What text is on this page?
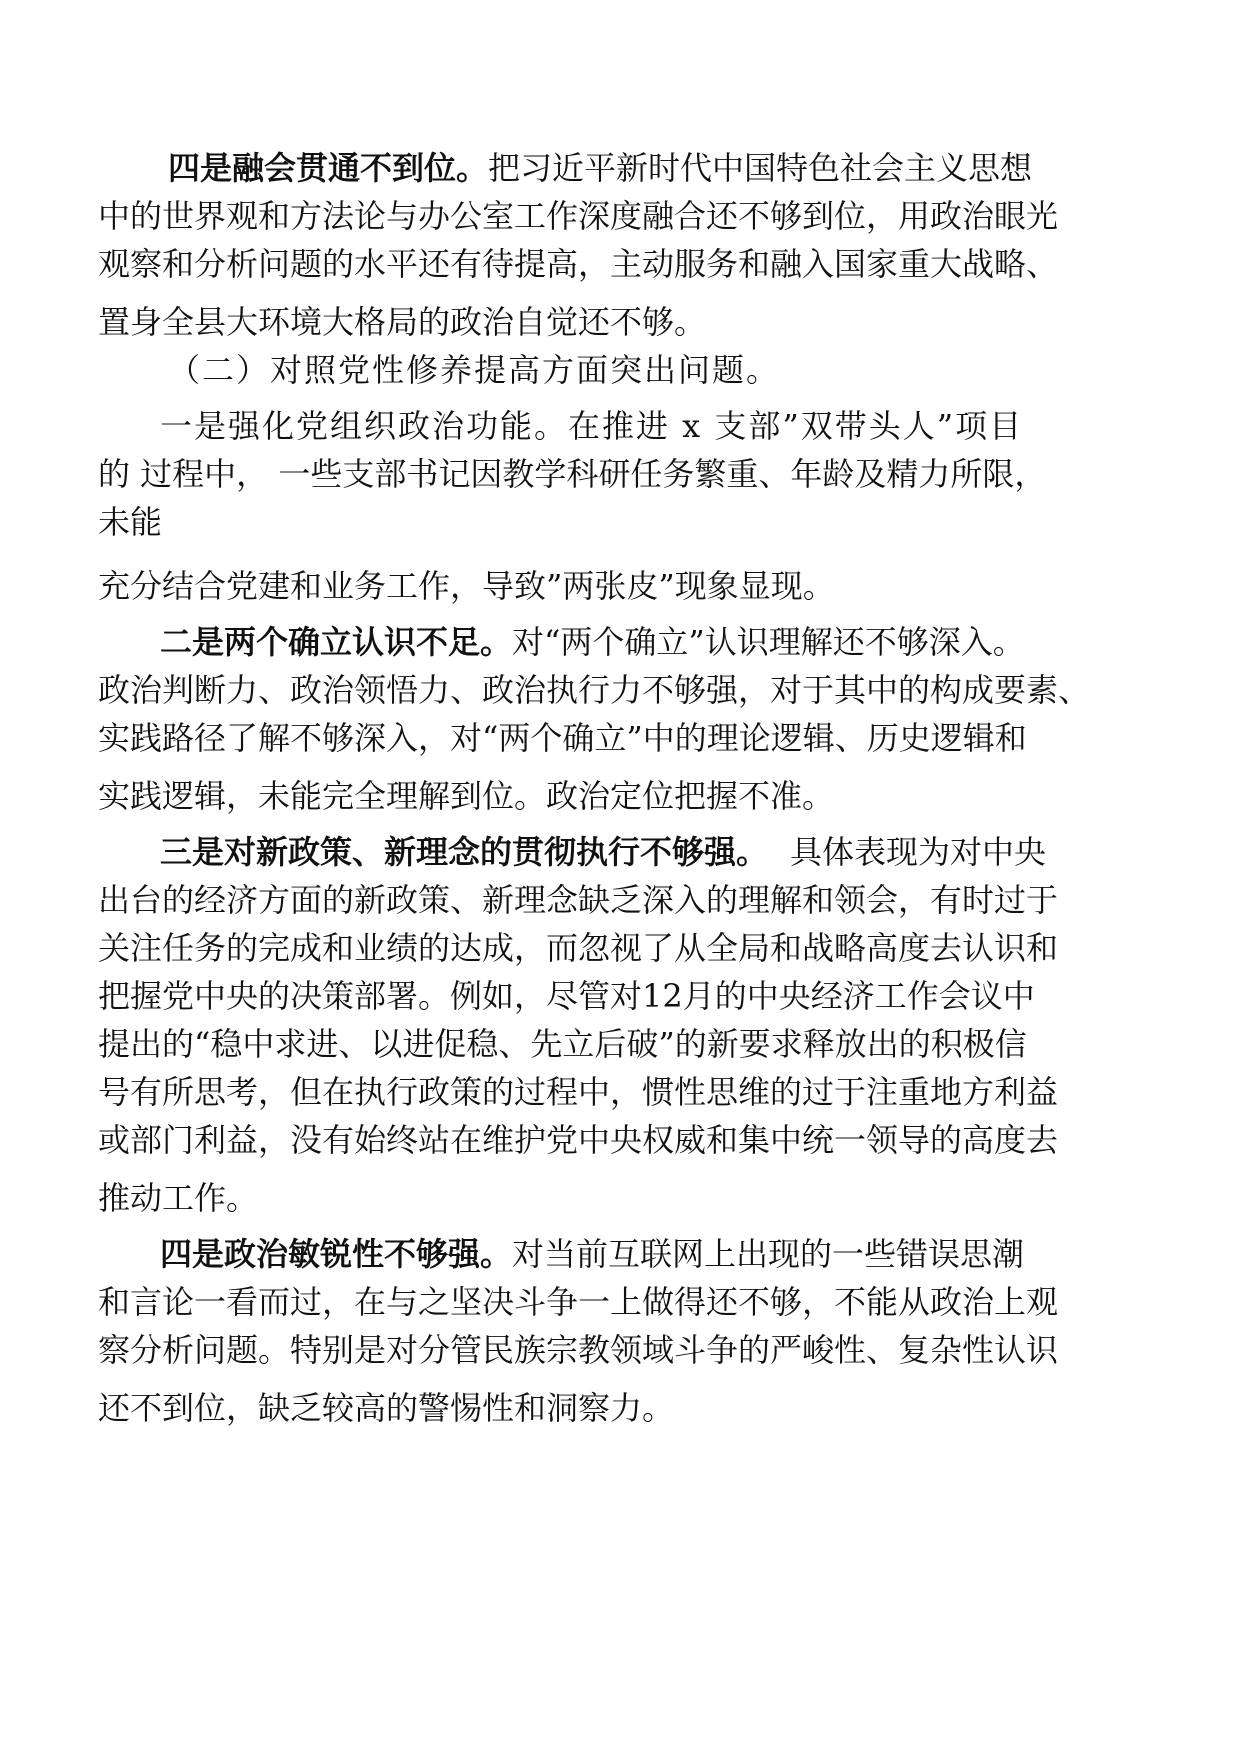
四是融会贯通不到位。把习近平新时代中国特色社会主义思想
中的世界观和方法论与办公室工作深度融合还不够到位，用政治眼光
观察和分析问题的水平还有待提高，主动服务和融入国家重大战略、
置身全县大环境大格局的政治自觉还不够。
（二）对照党性修养提高方面突出问题。
一是强化党组织政治功能。在推进 x 支部”双带头人”项目
的 过程中， 一些支部书记因教学科研任务繁重、年龄及精力所限，
未能
充分结合党建和业务工作，导致”两张皮”现象显现。
二是两个确立认识不足。对“两个确立”认识理解还不够深入。
政治判断力、政治领悟力、政治执行力不够强，对于其中的构成要素、
实践路径了解不够深入，对“两个确立”中的理论逻辑、历史逻辑和
实践逻辑，未能完全理解到位。政治定位把握不准。
三是对新政策、新理念的贯彻执行不够强。 具体表现为对中央
出台的经济方面的新政策、新理念缺乏深入的理解和领会，有时过于
关注任务的完成和业绩的达成，而忽视了从全局和战略高度去认识和
把握党中央的决策部署。例如，尽管对12月的中央经济工作会议中
提出的“稳中求进、以进促稳、先立后破”的新要求释放出的积极信
号有所思考，但在执行政策的过程中，惯性思维的过于注重地方利益
或部门利益，没有始终站在维护党中央权威和集中统一领导的高度去
推动工作。
四是政治敏锐性不够强。对当前互联网上出现的一些错误思潮
和言论一看而过，在与之坚决斗争一上做得还不够，不能从政治上观
察分析问题。特别是对分管民族宗教领域斗争的严峻性、复杂性认识
还不到位，缺乏较高的警惕性和洞察力。
